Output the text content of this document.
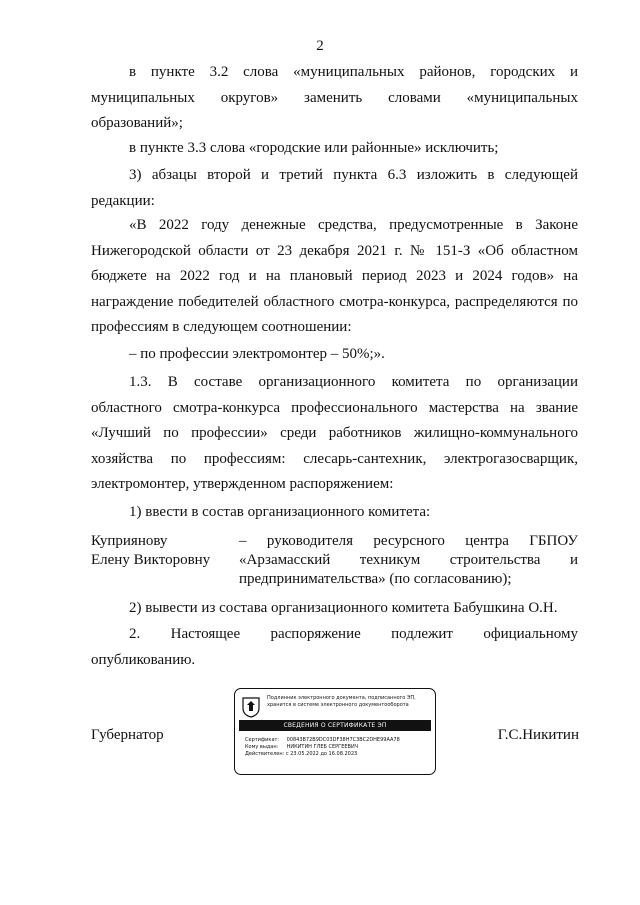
2
в пункте 3.2 слова «муниципальных районов, городских и
муниципальных округов» заменить словами «муниципальных
образований»;
в пункте 3.3 слова «городские или районные» исключить;
3) абзацы второй и третий пункта 6.3 изложить в следующей
редакции:
«В 2022 году денежные средства, предусмотренные в Законе
Нижегородской области от 23 декабря 2021 г. № 151-З «Об областном
бюджете на 2022 год и на плановый период 2023 и 2024 годов» на
награждение победителей областного смотра-конкурса, распределяются по
профессиям в следующем соотношении:
– по профессии электромонтер – 50%;».
1.3. В составе организационного комитета по организации
областного смотра-конкурса профессионального мастерства на звание
«Лучший по профессии» среди работников жилищно-коммунального
хозяйства по профессиям: слесарь-сантехник, электрогазосварщик,
электромонтер, утвержденном распоряжением:
1) ввести в состав организационного комитета:
Куприянову
Елену Викторовну
– руководителя ресурсного центра ГБПОУ
«Арзамасский техникум строительства и
предпринимательства» (по согласованию);
2) вывести из состава организационного комитета Бабушкина О.Н.
2. Настоящее распоряжение подлежит официальному
опубликованию.
Подлинник электронного документа, подписанного ЭП, хранится в системе электронного документооборота
СВЕДЕНИЯ О СЕРТИФИКАТЕ ЭП
Сертификат: 00843B72B9DC03DF38H7C3BC2DHE99AA78
Кому выдан: НИКИТИН ГЛЕБ СЕРГЕЕВИЧ
Действителен: с 23.05.2022 до 16.08.2023
Губернатор	Г.С.Никитин
